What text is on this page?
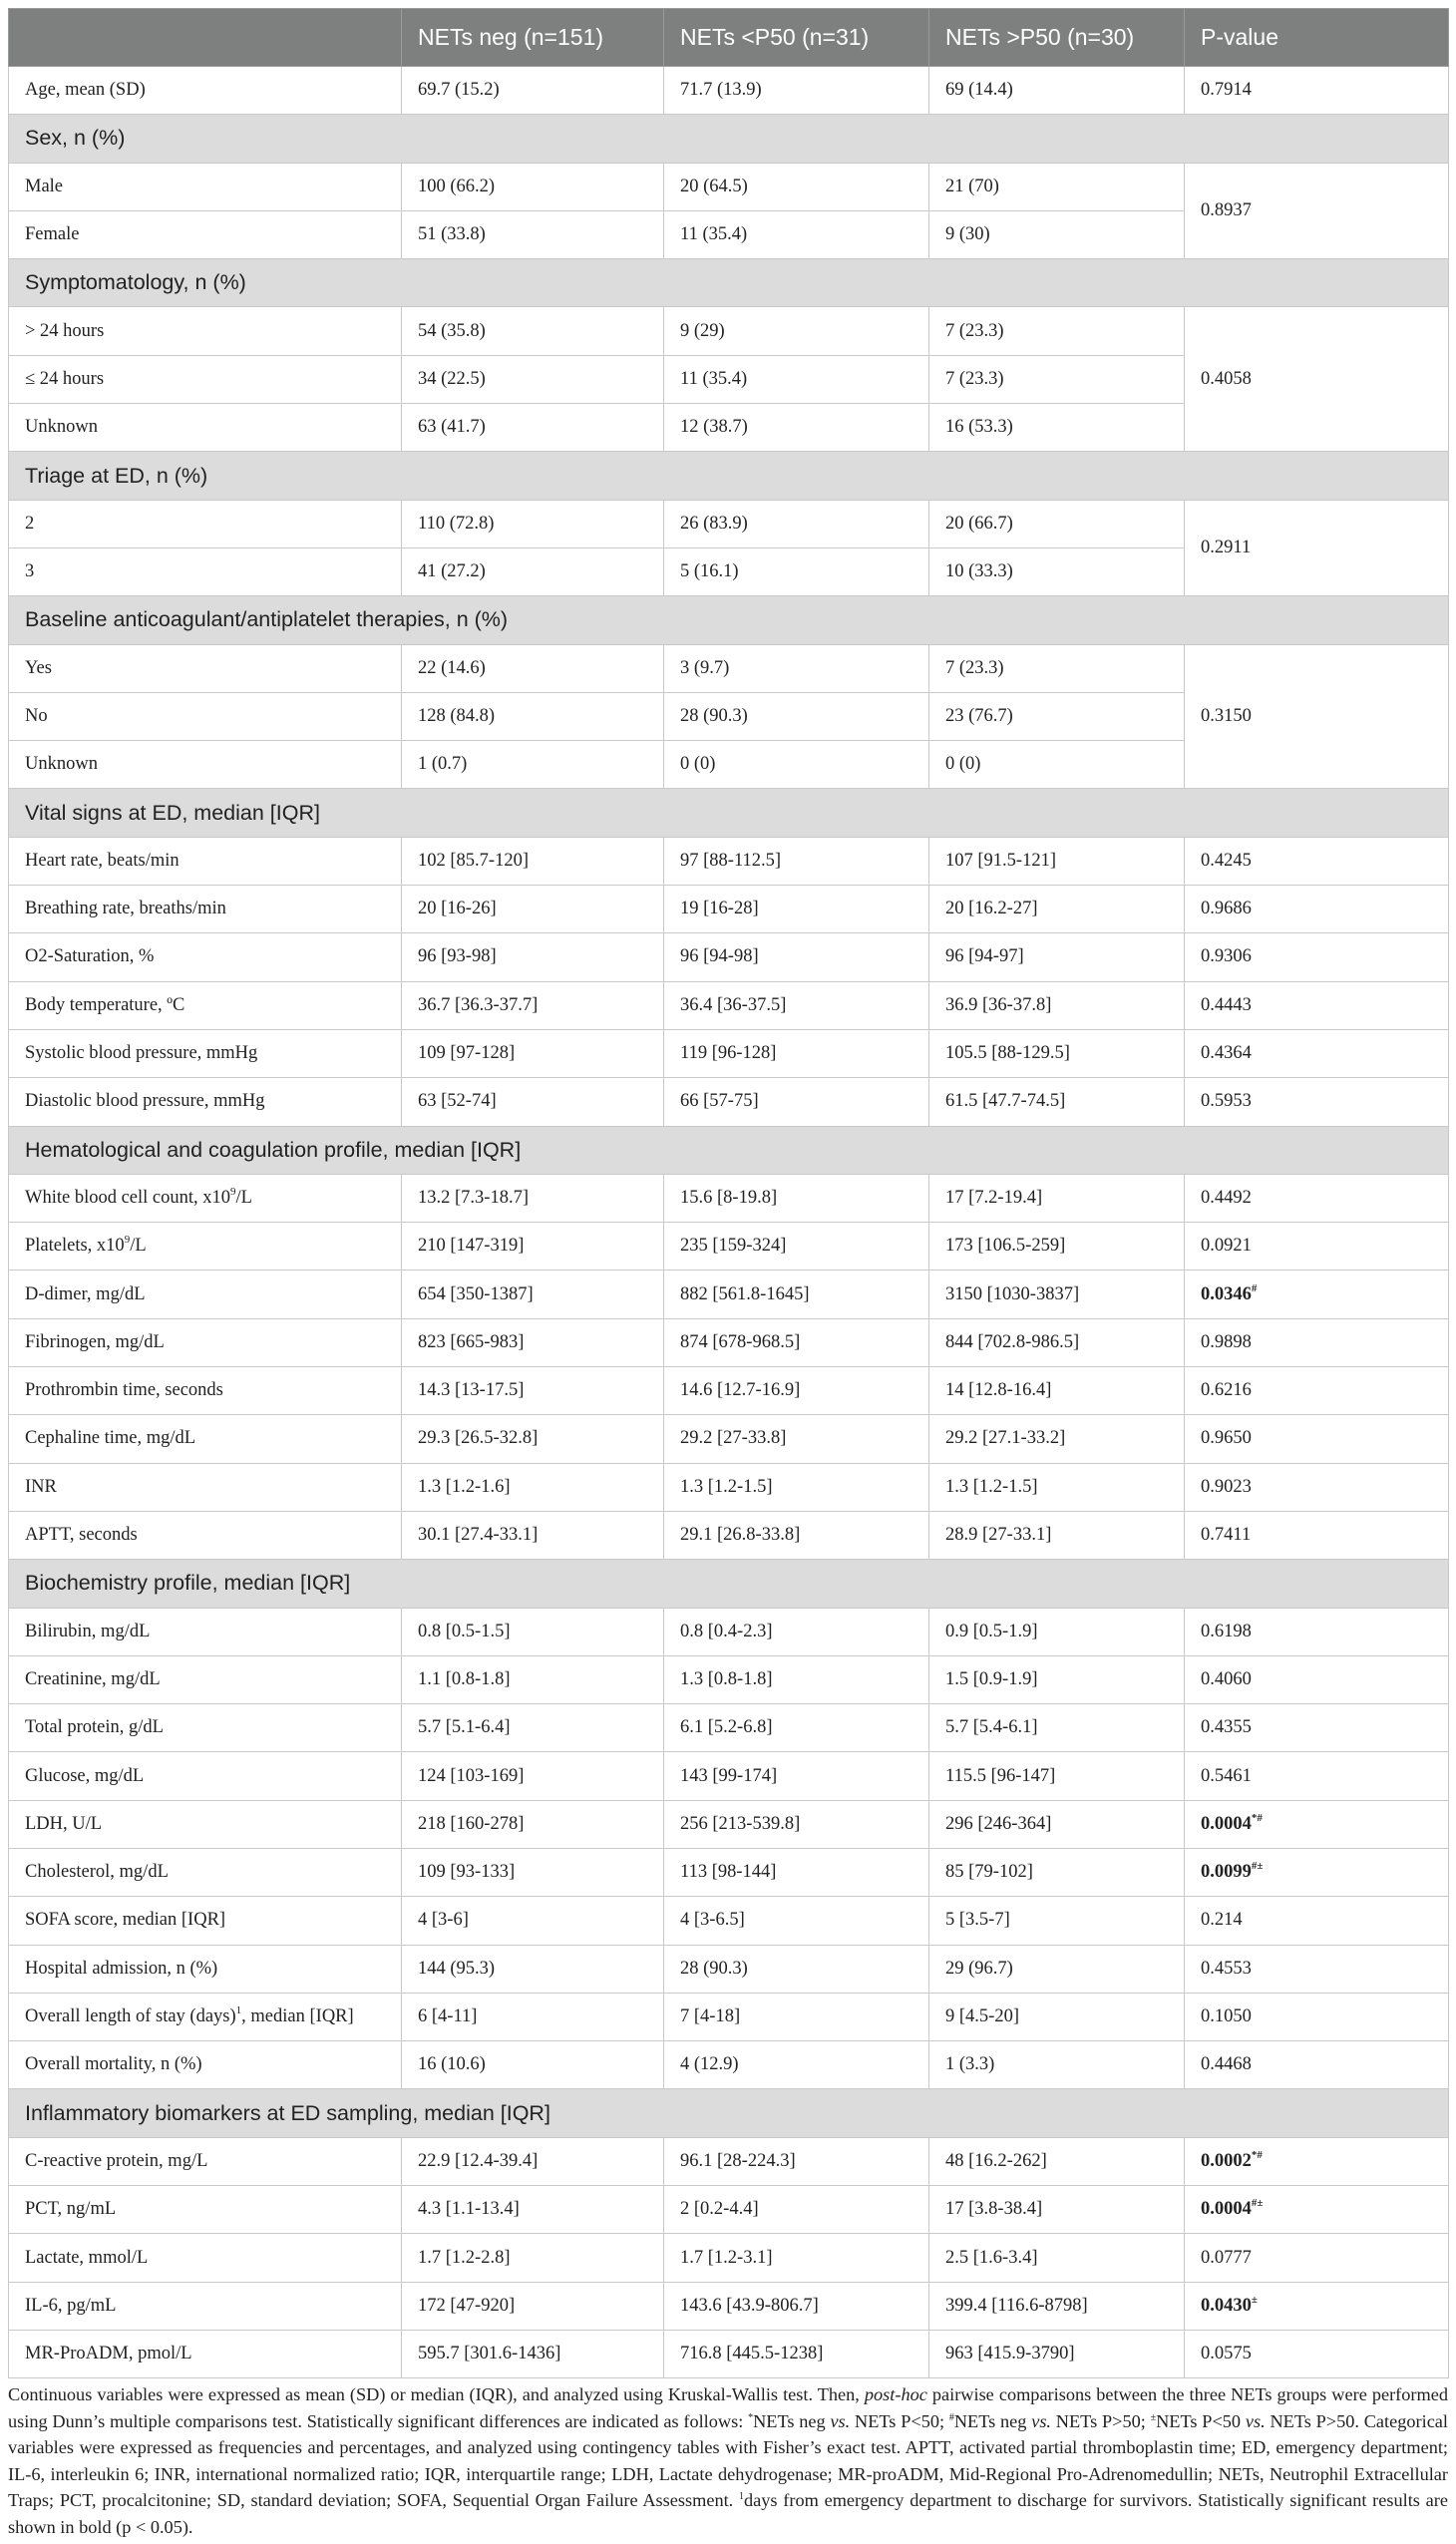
	NETs neg (n=151)	NETs <P50 (n=31)	NETs >P50 (n=30)	P-value
Age, mean (SD)	69.7 (15.2)	71.7 (13.9)	69 (14.4)	0.7914
Sex, n (%)				
Male	100 (66.2)	20 (64.5)	21 (70)	0.8937
Female	51 (33.8)	11 (35.4)	9 (30)	
Symptomatology, n (%)				
> 24 hours	54 (35.8)	9 (29)	7 (23.3)	0.4058
≤ 24 hours	34 (22.5)	11 (35.4)	7 (23.3)	
Unknown	63 (41.7)	12 (38.7)	16 (53.3)	
Triage at ED, n (%)				
2	110 (72.8)	26 (83.9)	20 (66.7)	0.2911
3	41 (27.2)	5 (16.1)	10 (33.3)	
Baseline anticoagulant/antiplatelet therapies, n (%)				
Yes	22 (14.6)	3 (9.7)	7 (23.3)	0.3150
No	128 (84.8)	28 (90.3)	23 (76.7)	
Unknown	1 (0.7)	0 (0)	0 (0)	
Vital signs at ED, median [IQR]				
Heart rate, beats/min	102 [85.7-120]	97 [88-112.5]	107 [91.5-121]	0.4245
Breathing rate, breaths/min	20 [16-26]	19 [16-28]	20 [16.2-27]	0.9686
O2-Saturation, %	96 [93-98]	96 [94-98]	96 [94-97]	0.9306
Body temperature, ºC	36.7 [36.3-37.7]	36.4 [36-37.5]	36.9 [36-37.8]	0.4443
Systolic blood pressure, mmHg	109 [97-128]	119 [96-128]	105.5 [88-129.5]	0.4364
Diastolic blood pressure, mmHg	63 [52-74]	66 [57-75]	61.5 [47.7-74.5]	0.5953
Hematological and coagulation profile, median [IQR]				
White blood cell count, $x10^9/L$	13.2 [7.3-18.7]	15.6 [8-19.8]	17 [7.2-19.4]	0.4492
Platelets, $x10^9/L$	210 [147-319]	235 [159-324]	173 [106.5-259]	0.0921
D-dimer, mg/dL	654 [350-1387]	882 [561.8-1645]	3150 [1030-3837]	0.0346#
Fibrinogen, mg/dL	823 [665-983]	874 [678-968.5]	844 [702.8-986.5]	0.9898
Prothrombin time, seconds	14.3 [13-17.5]	14.6 [12.7-16.9]	14 [12.8-16.4]	0.6216
Cephaline time, mg/dL	29.3 [26.5-32.8]	29.2 [27-33.8]	29.2 [27.1-33.2]	0.9650
INR	1.3 [1.2-1.6]	1.3 [1.2-1.5]	1.3 [1.2-1.5]	0.9023
APTT, seconds	30.1 [27.4-33.1]	29.1 [26.8-33.8]	28.9 [27-33.1]	0.7411
Biochemistry profile, median [IQR]				
Bilirubin, mg/dL	0.8 [0.5-1.5]	0.8 [0.4-2.3]	0.9 [0.5-1.9]	0.6198
Creatinine, mg/dL	1.1 [0.8-1.8]	1.3 [0.8-1.8]	1.5 [0.9-1.9]	0.4060
Total protein, g/dL	5.7 [5.1-6.4]	6.1 [5.2-6.8]	5.7 [5.4-6.1]	0.4355
Glucose, mg/dL	124 [103-169]	143 [99-174]	115.5 [96-147]	0.5461
LDH, U/L	218 [160-278]	256 [213-539.8]	296 [246-364]	0.0004*#
Cholesterol, mg/dL	109 [93-133]	113 [98-144]	85 [79-102]	0.0099#±
SOFA score, median [IQR]	4 [3-6]	4 [3-6.5]	5 [3.5-7]	0.214
Hospital admission, n (%)	144 (95.3)	28 (90.3)	29 (96.7)	0.4553
Overall length of stay (days)$^1$, median [IQR]	6 [4-11]	7 [4-18]	9 [4.5-20]	0.1050
Overall mortality, n (%)	16 (10.6)	4 (12.9)	1 (3.3)	0.4468
Inflammatory biomarkers at ED sampling, median [IQR]				
C-reactive protein, mg/L	22.9 [12.4-39.4]	96.1 [28-224.3]	48 [16.2-262]	0.0002*#
PCT, ng/mL	4.3 [1.1-13.4]	2 [0.2-4.4]	17 [3.8-38.4]	0.0004#±
Lactate, mmol/L	1.7 [1.2-2.8]	1.7 [1.2-3.1]	2.5 [1.6-3.4]	0.0777
IL-6, pg/mL	172 [47-920]	143.6 [43.9-806.7]	399.4 [116.6-8798]	0.0430±
MR-ProADM, pmol/L	595.7 [301.6-1436]	716.8 [445.5-1238]	963 [415.9-3790]	0.0575
Continuous variables were expressed as mean (SD) or median (IQR), and analyzed using Kruskal-Wallis test. Then, post-hoc pairwise comparisons between the three NETs groups were performed using Dunn’s multiple comparisons test. Statistically significant differences are indicated as follows: *NETs neg vs. NETs P<50; #NETs neg vs. NETs P>50; ±NETs P<50 vs. NETs P>50. Categorical variables were expressed as frequencies and percentages, and analyzed using contingency tables with Fisher’s exact test. APTT, activated partial thromboplastin time; ED, emergency department; IL-6, interleukin 6; INR, international normalized ratio; IQR, interquartile range; LDH, Lactate dehydrogenase; MR-proADM, Mid-Regional Pro-Adrenomedullin; NETs, Neutrophil Extracellular Traps; PCT, procalcitonine; SD, standard deviation; SOFA, Sequential Organ Failure Assessment. $^1$days from emergency department to discharge for survivors. Statistically significant results are shown in bold (p < 0.05).
